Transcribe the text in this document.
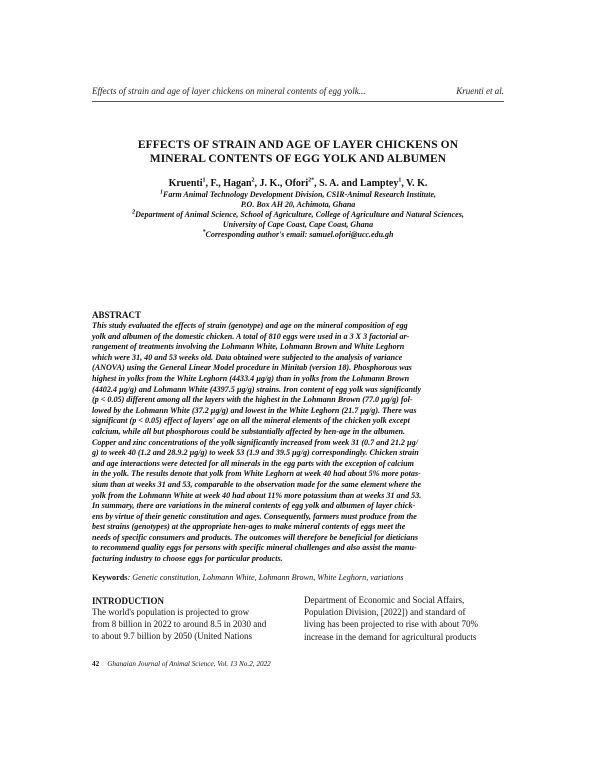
Effects of strain and age of layer chickens on mineral contents of egg yolk...	Kruenti et al.
EFFECTS OF STRAIN AND AGE OF LAYER CHICKENS ON
MINERAL CONTENTS OF EGG YOLK AND ALBUMEN
Kruenti$^1$, F., Hagan$^2$, J. K., Ofori$^{2*}$, S. A. and Lamptey$^1$, V. K.
$^1$Farm Animal Technology Development Division, CSIR-Animal Research Institute,
P.O. Box AH 20, Achimota, Ghana
$^2$Department of Animal Science, School of Agriculture, College of Agriculture and Natural Sciences,
University of Cape Coast, Cape Coast, Ghana
*Corresponding author's email: samuel.ofori@ucc.edu.gh
ABSTRACT
This study evaluated the effects of strain (genotype) and age on the mineral composition of egg
yolk and albumen of the domestic chicken. A total of 810 eggs were used in a 3 X 3 factorial ar-
rangement of treatments involving the Lohmann White, Lohmann Brown and White Leghorn
which were 31, 40 and 53 weeks old. Data obtained were subjected to the analysis of variance
(ANOVA) using the General Linear Model procedure in Minitab (version 18). Phosphorous was
highest in yolks from the White Leghorn (4433.4 µg/g) than in yolks from the Lohmann Brown
(4402.4 µg/g) and Lohmann White (4397.5 µg/g) strains. Iron content of egg yolk was significantly
(p < 0.05) different among all the layers with the highest in the Lohmann Brown (77.0 µg/g) fol-
lowed by the Lohmann White (37.2 µg/g) and lowest in the White Leghorn (21.7 µg/g). There was
significant (p < 0.05) effect of layers' age on all the mineral elements of the chicken yolk except
calcium, while all but phosphorous could be substantially affected by hen-age in the albumen.
Copper and zinc concentrations of the yolk significantly increased from week 31 (0.7 and 21.2 µg/
g) to week 40 (1.2 and 28.9.2 µg/g) to week 53 (1.9 and 39.5 µg/g) correspondingly. Chicken strain
and age interactions were detected for all minerals in the egg parts with the exception of calcium
in the yolk. The results denote that yolk from White Leghorn at week 40 had about 5% more potas-
sium than at weeks 31 and 53, comparable to the observation made for the same element where the
yolk from the Lohmann White at week 40 had about 11% more potassium than at weeks 31 and 53.
In summary, there are variations in the mineral contents of egg yolk and albumen of layer chick-
ens by virtue of their genetic constitution and ages. Consequently, farmers must produce from the
best strains (genotypes) at the appropriate hen-ages to make mineral contents of eggs meet the
needs of specific consumers and products. The outcomes will therefore be beneficial for dieticians
to recommend quality eggs for persons with specific mineral challenges and also assist the manu-
facturing industry to choose eggs for particular products.
Keywords: Genetic constitution, Lohmann White, Lohmann Brown, White Leghorn, variations
INTRODUCTION
The world's population is projected to grow
from 8 billion in 2022 to around 8.5 in 2030 and
to about 9.7 billion by 2050 (United Nations
Department of Economic and Social Affairs,
Population Division, [2022]) and standard of
living has been projected to rise with about 70%
increase in the demand for agricultural products
42 Ghanaian Journal of Animal Science, Vol. 13 No.2, 2022
